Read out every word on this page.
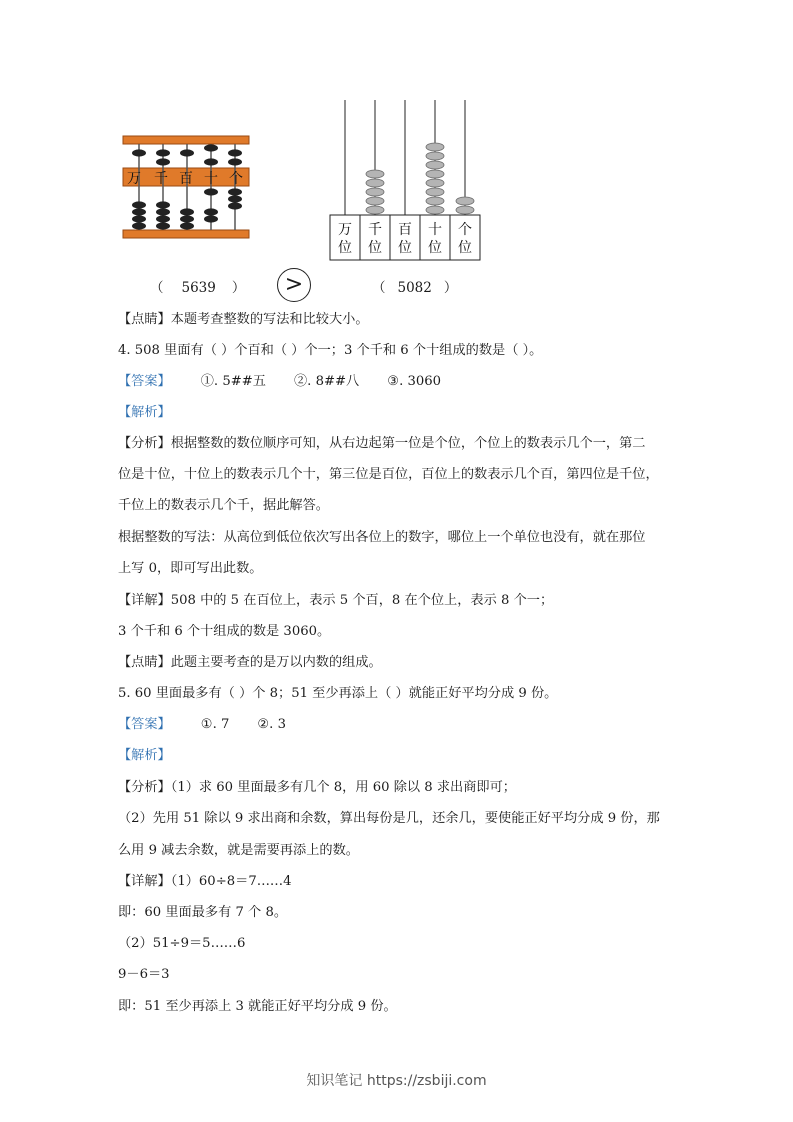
万 千 百 十 个
万
位
千
位
百
位
十
位
个
位
（ 5639 ）	>	（ 5082 ）
【点睛】本题考查整数的写法和比较大小。
4. 508 里面有（ ）个百和（ ）个一；3 个千和 6 个十组成的数是（ ）。
【答案】 ①. 5##五 ②. 8##八 ③. 3060
【解析】
【分析】根据整数的数位顺序可知，从右边起第一位是个位，个位上的数表示几个一，第二
位是十位，十位上的数表示几个十，第三位是百位，百位上的数表示几个百，第四位是千位，
千位上的数表示几个千，据此解答。
根据整数的写法：从高位到低位依次写出各位上的数字，哪位上一个单位也没有，就在那位
上写 0，即可写出此数。
【详解】508 中的 5 在百位上，表示 5 个百，8 在个位上，表示 8 个一；
3 个千和 6 个十组成的数是 3060。
【点睛】此题主要考查的是万以内数的组成。
5. 60 里面最多有（ ）个 8；51 至少再添上（ ）就能正好平均分成 9 份。
【答案】 ①. 7 ②. 3
【解析】
【分析】（1）求 60 里面最多有几个 8，用 60 除以 8 求出商即可；
（2）先用 51 除以 9 求出商和余数，算出每份是几，还余几，要使能正好平均分成 9 份，那
么用 9 减去余数，就是需要再添上的数。
【详解】（1）60÷8＝7……4
即：60 里面最多有 7 个 8。
（2）51÷9＝5……6
9－6＝3
即：51 至少再添上 3 就能正好平均分成 9 份。
知识笔记 https://zsbiji.com
